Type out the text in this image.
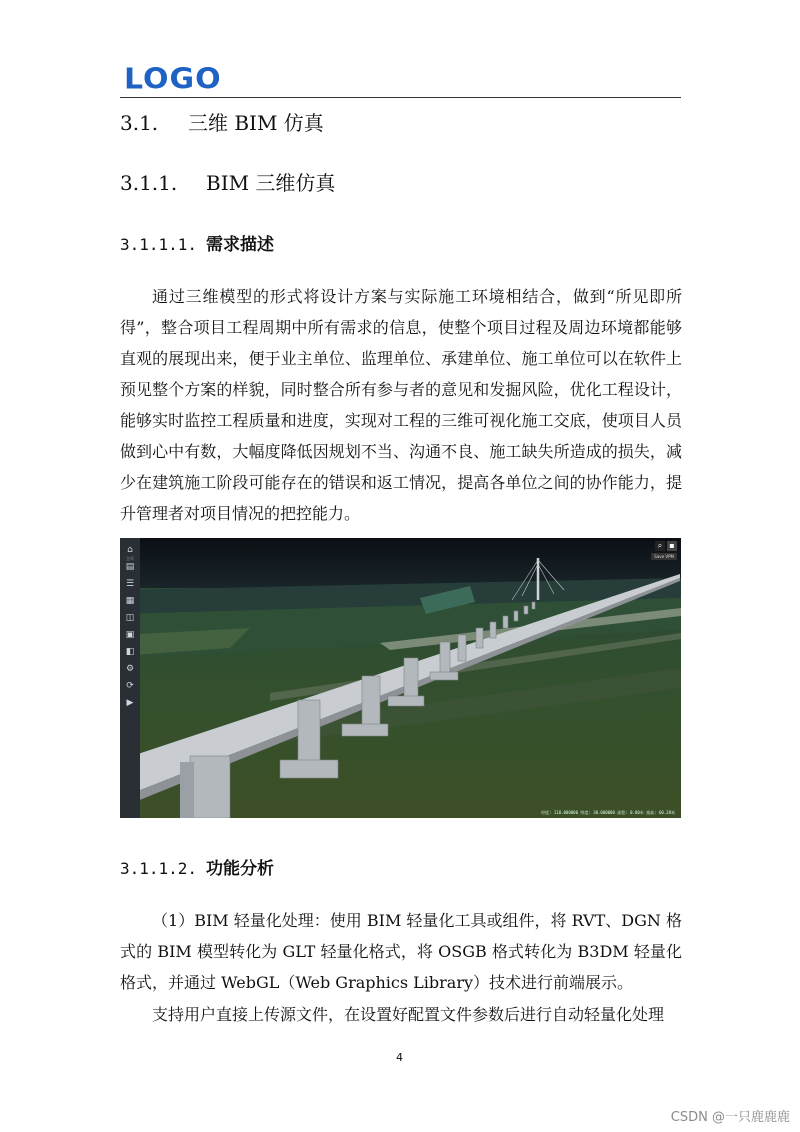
LOGO
3.1. 三维 BIM 仿真
3.1.1. BIM 三维仿真
3.1.1.1. 需求描述
通过三维模型的形式将设计方案与实际施工环境相结合，做到“所见即所得”，整合项目工程周期中所有需求的信息，使整个项目过程及周边环境都能够直观的展现出来，便于业主单位、监理单位、承建单位、施工单位可以在软件上预见整个方案的样貌，同时整合所有参与者的意见和发掘风险，优化工程设计，能够实时监控工程质量和进度，实现对工程的三维可视化施工交底，使项目人员做到心中有数，大幅度降低因规划不当、沟通不良、施工缺失所造成的损失，减少在建筑施工阶段可能存在的错误和返工情况，提高各单位之间的协作能力，提升管理者对项目情况的把控能力。
⌂
主页
▤
☰
▦
◫
▣
◧
⚙
⟳
▶
⌕ ▪
Save VPM
经度: 110.000000 纬度: 30.000000 高程: 0.00米 视高: 60.28米
3.1.1.2. 功能分析
（1）BIM 轻量化处理：使用 BIM 轻量化工具或组件，将 RVT、DGN 格式的 BIM 模型转化为 GLT 轻量化格式，将 OSGB 格式转化为 B3DM 轻量化格式，并通过 WebGL（Web Graphics Library）技术进行前端展示。
支持用户直接上传源文件，在设置好配置文件参数后进行自动轻量化处理
4
CSDN @一只鹿鹿鹿
